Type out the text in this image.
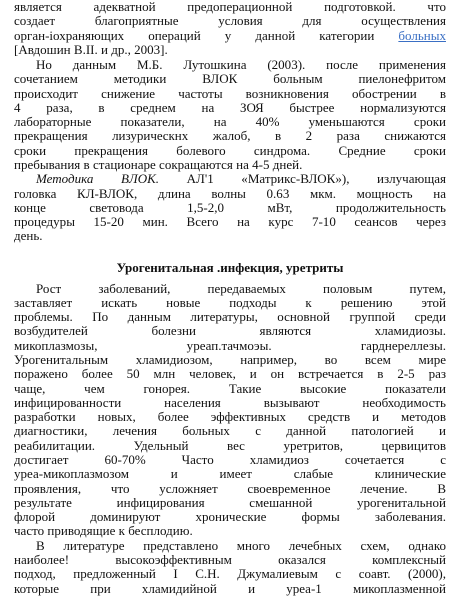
является адекватной предоперационной подготовкой. что
создает благоприятные условия для осуществления
орган-іохраняющих операций у данной категории больных
[Авдошин В.II. и др., 2003].
Но данным М.Б. Лутошкина (2003). после применения
сочетанием методики ВЛОК больным пиелонефритом
происходит снижение частоты возникновения обострении в
4 раза, в среднем на ЗОЯ быстрее нормализуются
лабораторные показатели, на 40% уменьшаются сроки
прекращения лизуричеcкнх жалоб, в 2 раза снижаются
сроки прекращения болевого синдрома. Средние сроки
пребывания в стационаре сокращаются на 4-5 дней.
Методика ВЛОК. АЛ'1 «Матрикс-ВЛОК»), излучающая
головка КЛ-ВЛОК, длина волны 0.63 мкм. мощность на
конце световода 1,5-2,0 мВт, продолжительность
процедуры 15-20 мин. Всего на курс 7-10 сеансов через
день.
Урогенитальная .инфекция, уретриты
Рост заболеваний, передаваемых половым путем,
заставляет искать новые подходы к решению этой
проблемы. По данным литературы, основной группой среди
возбудителей болезни являются хламидиозы.
микоплазмозы, уреап.тачмоэы. гарднереллезы.
Урогенитальным хламидиозом, например, во всем мире
поражено более 50 млн человек, и он встречается в 2-5 раз
чаще, чем гонорея. Такие высокие показатели
инфицированности населения вызывают необходимость
разработки новых, более эффективных средств и методов
диагностики, лечения больных с данной патологией и
реабилитации. Удельный вес уретритов, цервицитов
достигает 60-70% Часто хламидиоз сочетается с
уреа-микоплазмозом и имеет слабые клинические
проявления, что усложняет своевременное лечение. В
результате инфицирования смешанной урогенитальной
флорой доминируют хронические формы заболевания.
часто приводящие к бесплодию.
В литературе представлено много лечебных схем, однако
наиболее! высокоэффективным оказался комплексный
подход, предложенный I С.Н. Джумалиевым с соавт. (2000),
которые при хламидийной и уреа-1 микоплазменной
